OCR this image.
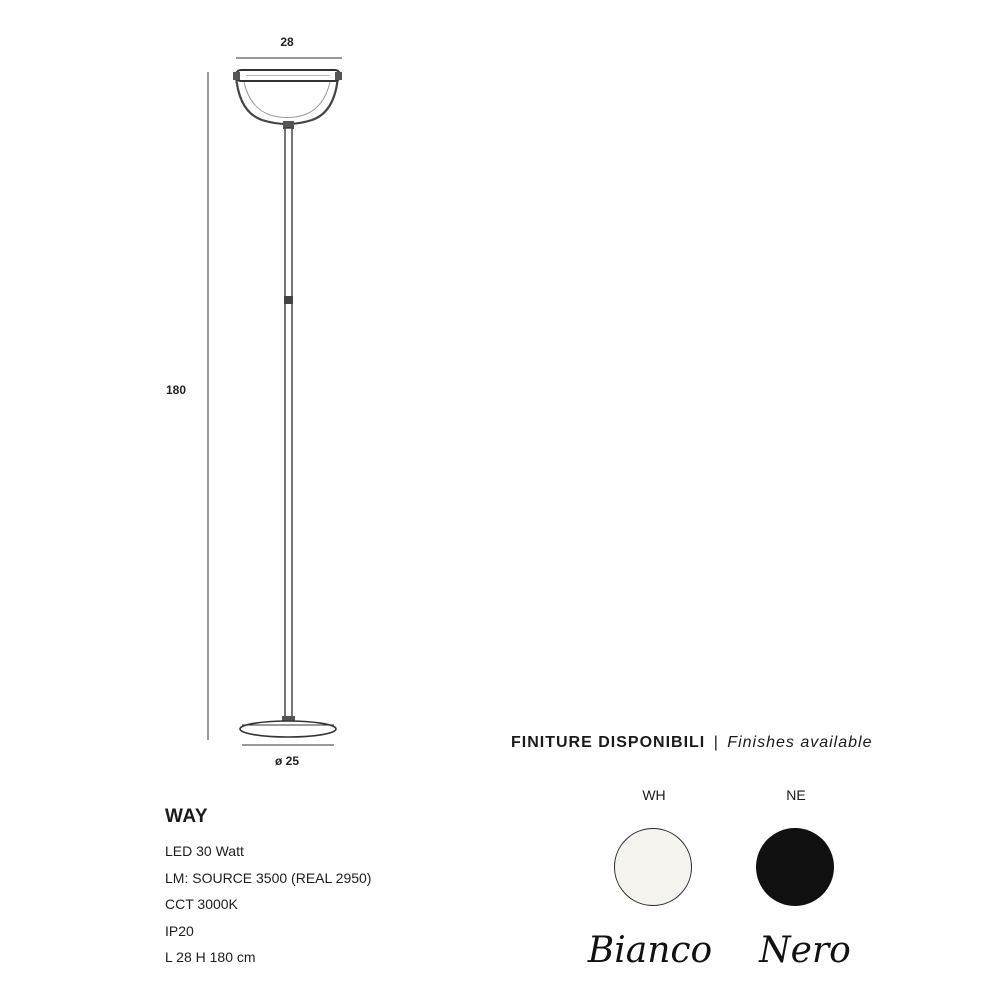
28
180
ø 25
WAY
LED 30 Watt
LM: SOURCE 3500 (REAL 2950)
CCT 3000K
IP20
L 28 H 180 cm
FINITURE DISPONIBILI | Finishes available
WH	NE
Bianco	Nero
